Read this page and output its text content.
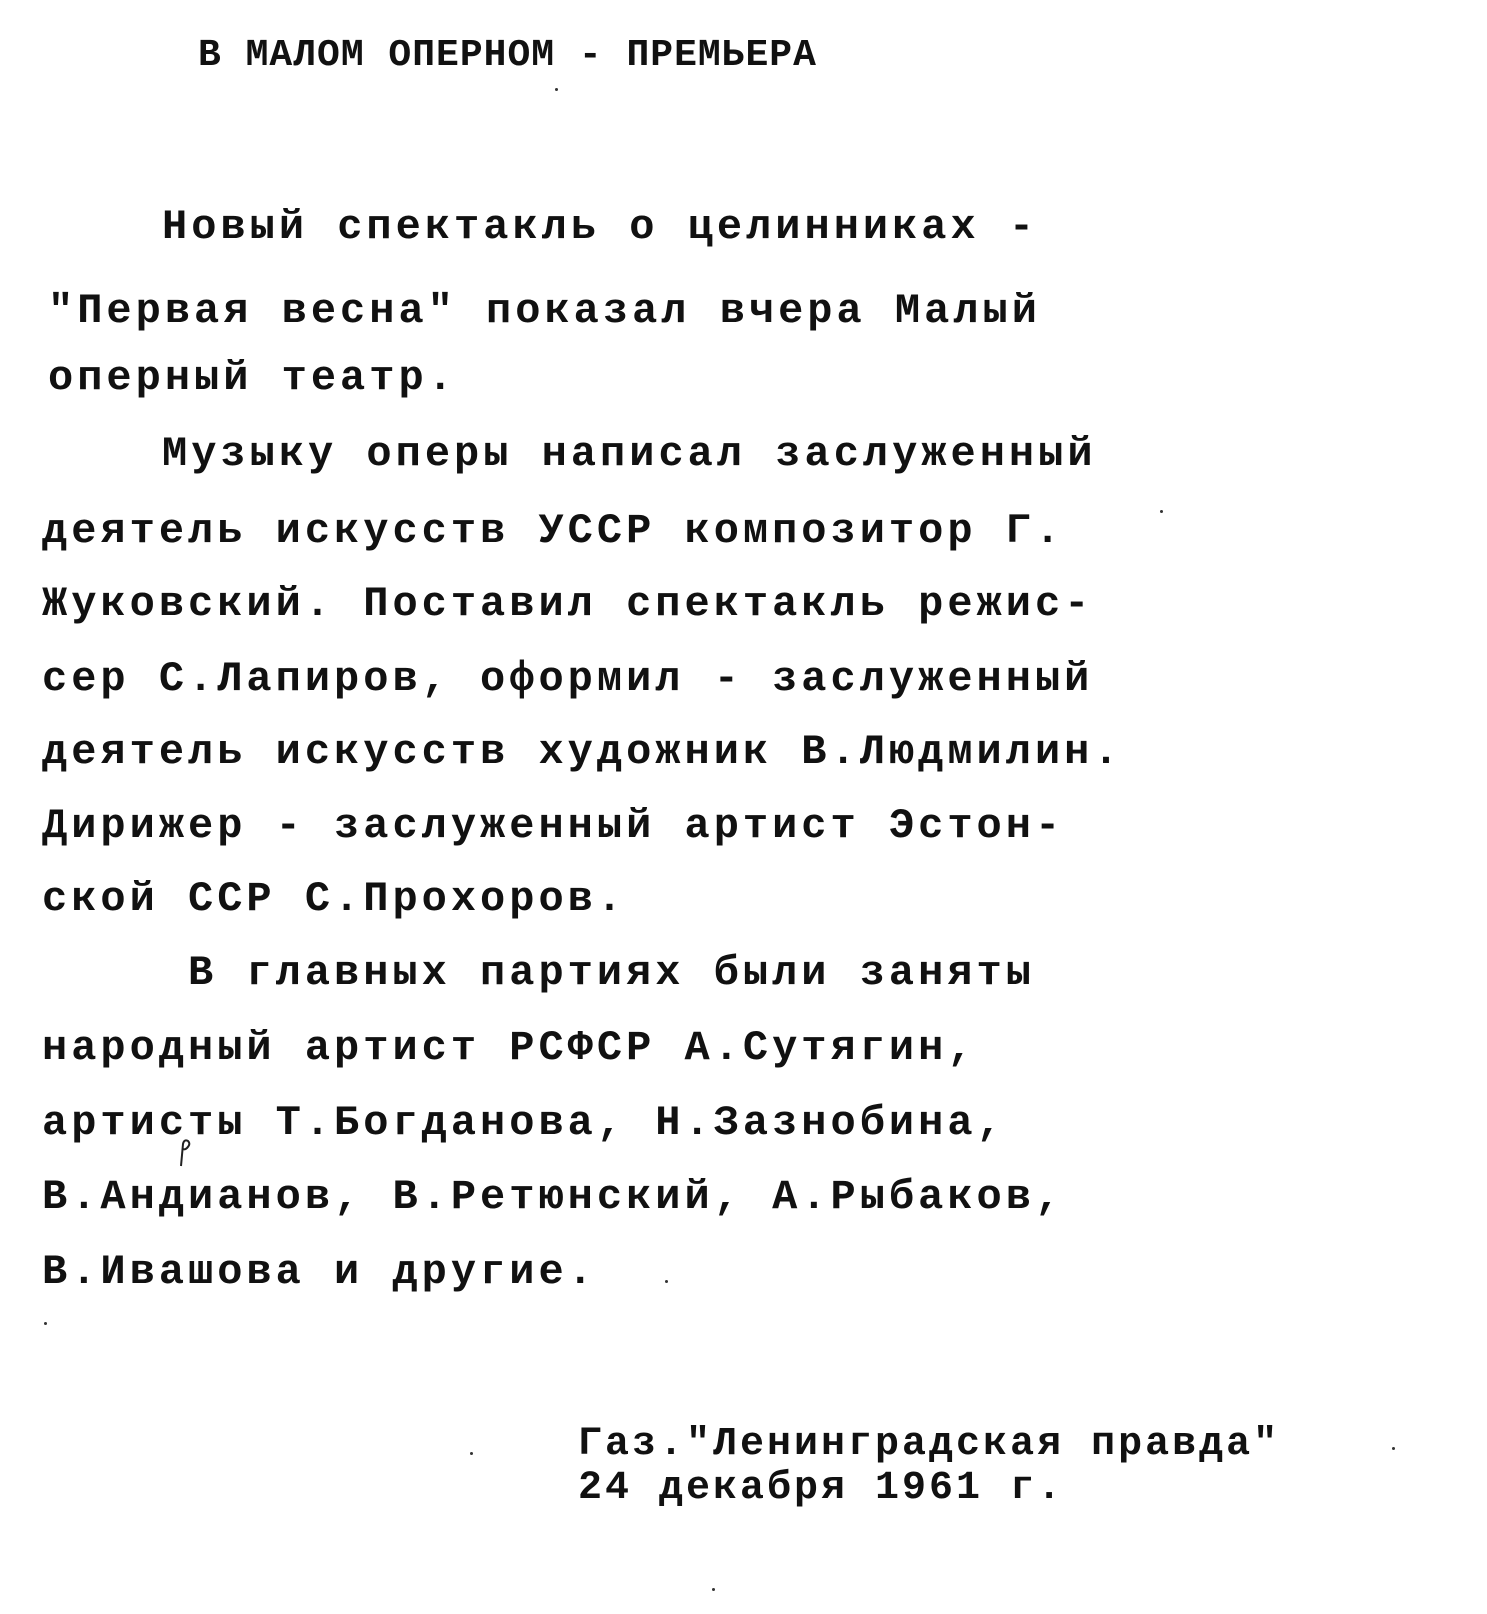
В МАЛОМ ОПЕРНОМ - ПРЕМЬЕРА
Новый спектакль о целинниках -
"Первая весна" показал вчера Малый
оперный театр.
Музыку оперы написал заслуженный
деятель искусств УССР композитор Г.
Жуковский. Поставил спектакль режис-
сер С.Лапиров, оформил - заслуженный
деятель искусств художник В.Людмилин.
Дирижер - заслуженный артист Эстон-
ской ССР С.Прохоров.
В главных партиях были заняты
народный артист РСФСР А.Сутягин,
артисты Т.Богданова, Н.Зазнобина,
В.Андианов, В.Ретюнский, А.Рыбаков,
В.Ивашова и другие.
Газ."Ленинградская правда"
24 декабря 1961 г.
